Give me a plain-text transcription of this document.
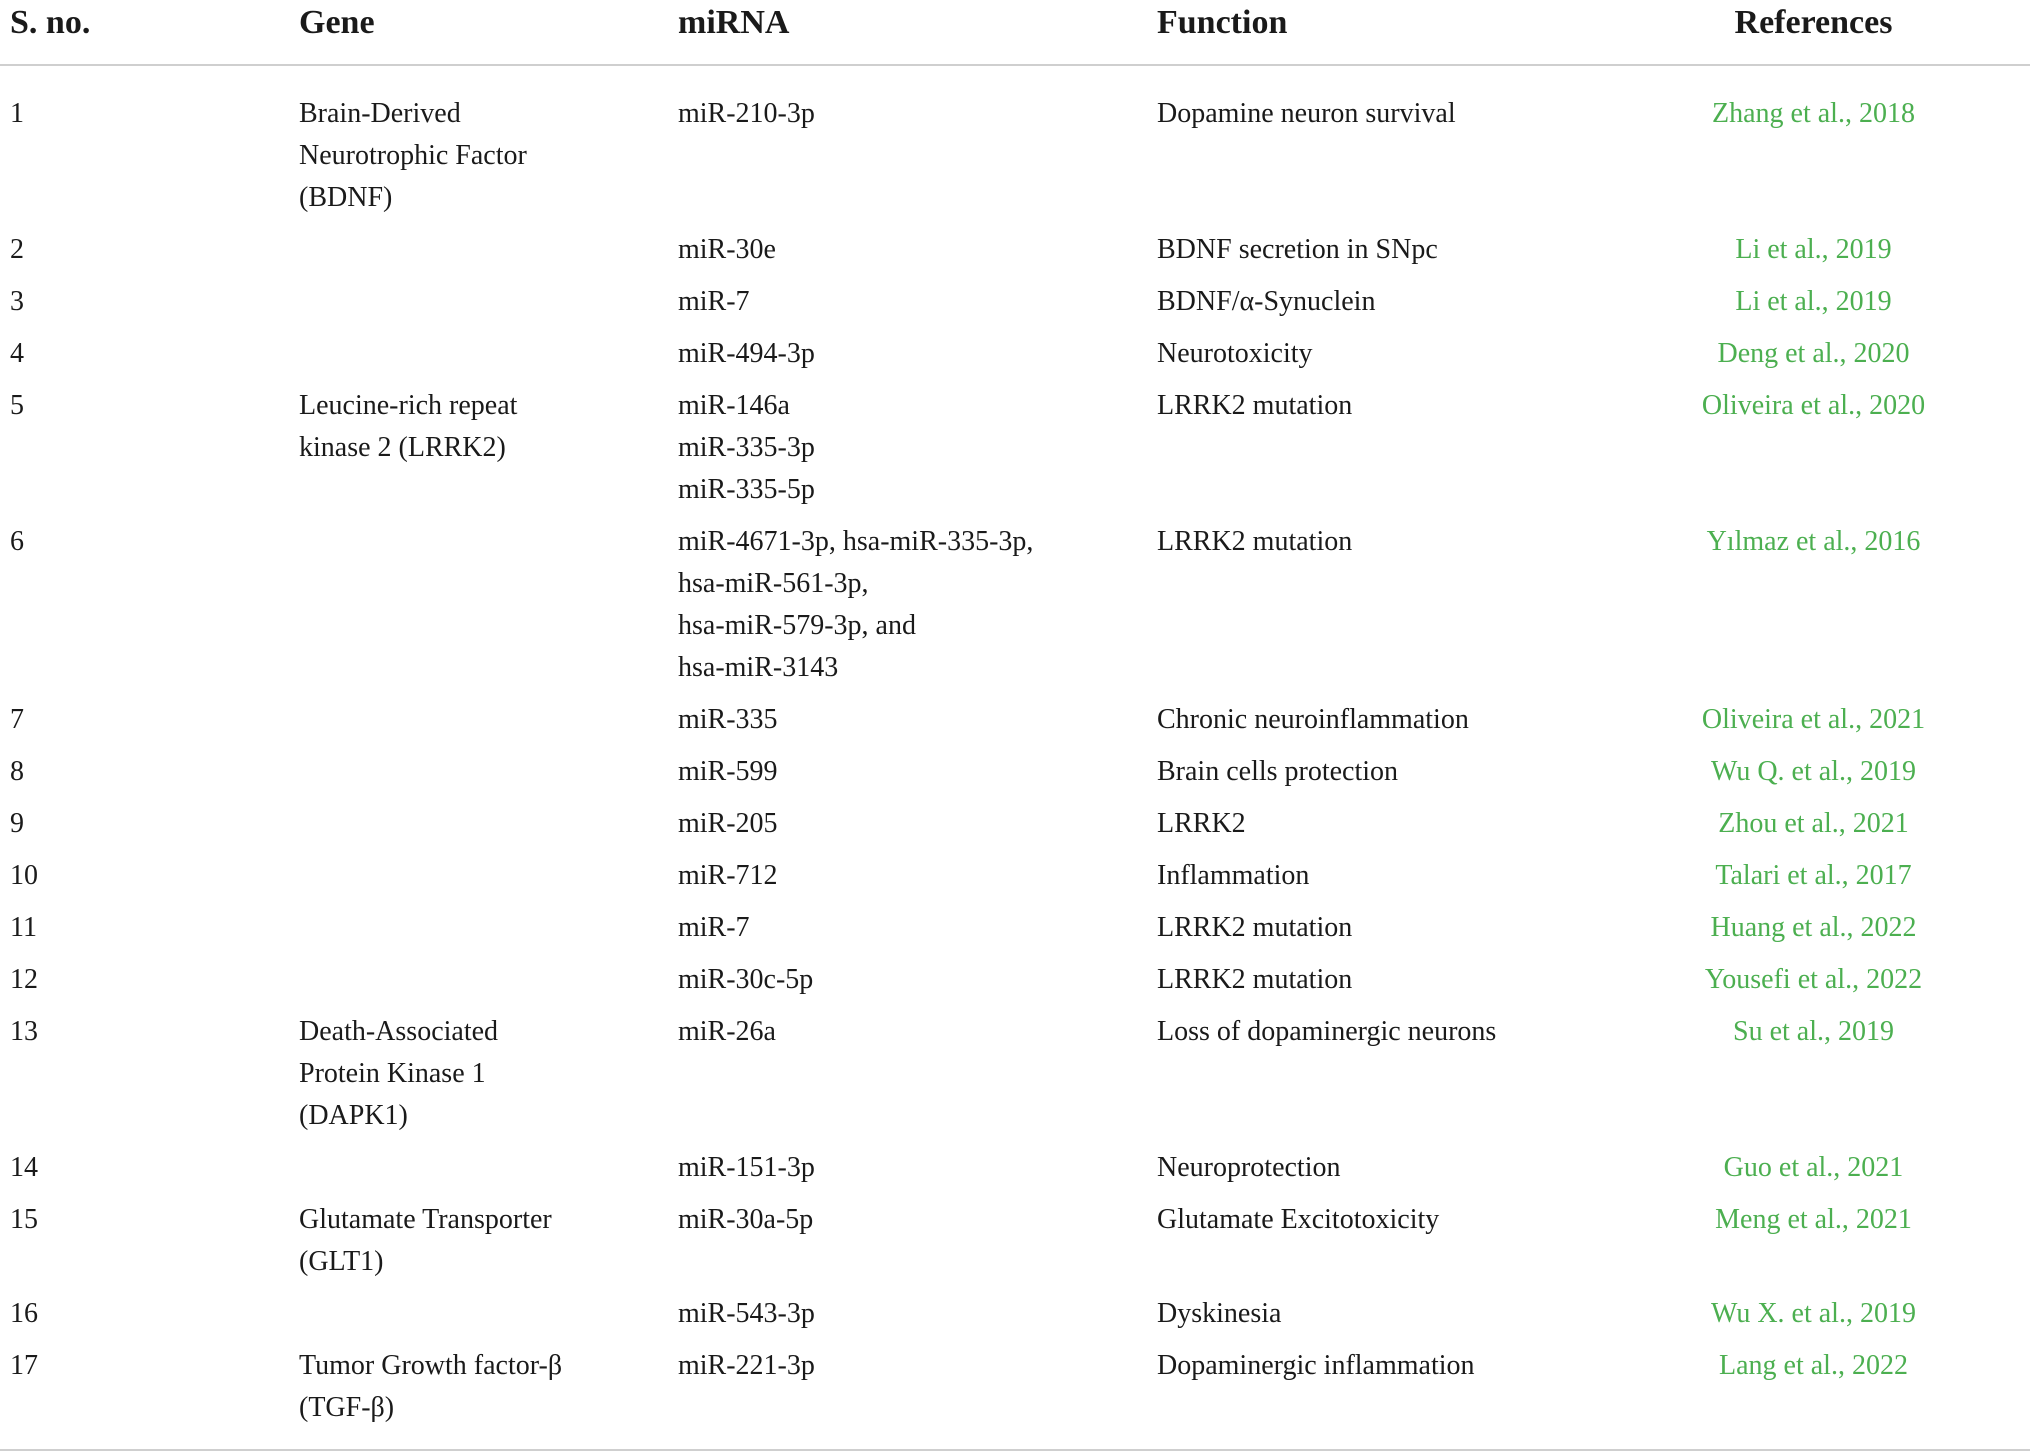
S. no.	Gene	miRNA	Function	References
1	Brain-Derived
Neurotrophic Factor
(BDNF)	miR-210-3p	Dopamine neuron survival	Zhang et al., 2018
2		miR-30e	BDNF secretion in SNpc	Li et al., 2019
3		miR-7	BDNF/α-Synuclein	Li et al., 2019
4		miR-494-3p	Neurotoxicity	Deng et al., 2020
5	Leucine-rich repeat
kinase 2 (LRRK2)	miR-146a
miR-335-3p
miR-335-5p	LRRK2 mutation	Oliveira et al., 2020
6		miR-4671-3p, hsa-miR-335-3p,
hsa-miR-561-3p,
hsa-miR-579-3p, and
hsa-miR-3143	LRRK2 mutation	Yılmaz et al., 2016
7		miR-335	Chronic neuroinflammation	Oliveira et al., 2021
8		miR-599	Brain cells protection	Wu Q. et al., 2019
9		miR-205	LRRK2	Zhou et al., 2021
10		miR-712	Inflammation	Talari et al., 2017
11		miR-7	LRRK2 mutation	Huang et al., 2022
12		miR-30c-5p	LRRK2 mutation	Yousefi et al., 2022
13	Death-Associated
Protein Kinase 1
(DAPK1)	miR-26a	Loss of dopaminergic neurons	Su et al., 2019
14		miR-151-3p	Neuroprotection	Guo et al., 2021
15	Glutamate Transporter
(GLT1)	miR-30a-5p	Glutamate Excitotoxicity	Meng et al., 2021
16		miR-543-3p	Dyskinesia	Wu X. et al., 2019
17	Tumor Growth factor-β
(TGF-β)	miR-221-3p	Dopaminergic inflammation	Lang et al., 2022
